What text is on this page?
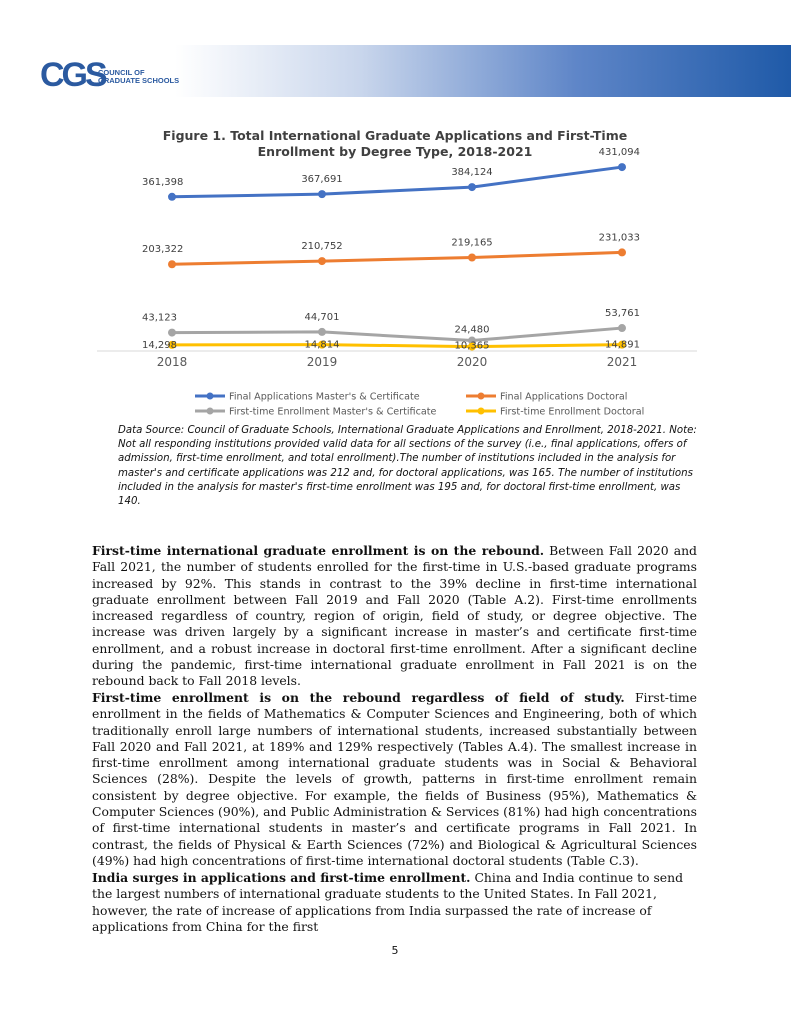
CGS
COUNCIL OF
GRADUATE SCHOOLS
Figure 1. Total International Graduate Applications and First-Time
Enrollment by Degree Type, 2018-2021
2018	2019	2020	2021
361,398	367,691
384,124
431,094
203,322	210,752	219,165	231,033
43,123	44,701
24,480
53,761
14,298	14,814	10,365	14,891
Final Applications Master's & Certificate	Final Applications Doctoral
First-time Enrollment Master's & Certificate	First-time Enrollment Doctoral
Data Source: Council of Graduate Schools, International Graduate Applications and Enrollment, 2018-2021. Note: Not all responding institutions provided valid data for all sections of the survey (i.e., final applications, offers of admission, first-time enrollment, and total enrollment).The number of institutions included in the analysis for master's and certificate applications was 212 and, for doctoral applications, was 165. The number of institutions included in the analysis for master's first-time enrollment was 195 and, for doctoral first-time enrollment, was 140.
First-time international graduate enrollment is on the rebound. Between Fall 2020 and Fall 2021, the number of students enrolled for the first-time in U.S.-based graduate programs increased by 92%. This stands in contrast to the 39% decline in first-time international graduate enrollment between Fall 2019 and Fall 2020 (Table A.2). First-time enrollments increased regardless of country, region of origin, field of study, or degree objective. The increase was driven largely by a significant increase in master’s and certificate first-time enrollment, and a robust increase in doctoral first-time enrollment. After a significant decline during the pandemic, first-time international graduate enrollment in Fall 2021 is on the rebound back to Fall 2018 levels.
First-time enrollment is on the rebound regardless of field of study. First-time enrollment in the fields of Mathematics & Computer Sciences and Engineering, both of which traditionally enroll large numbers of international students, increased substantially between Fall 2020 and Fall 2021, at 189% and 129% respectively (Tables A.4). The smallest increase in first-time enrollment among international graduate students was in Social & Behavioral Sciences (28%). Despite the levels of growth, patterns in first-time enrollment remain consistent by degree objective. For example, the fields of Business (95%), Mathematics & Computer Sciences (90%), and Public Administration & Services (81%) had high concentrations of first-time international students in master’s and certificate programs in Fall 2021. In contrast, the fields of Physical & Earth Sciences (72%) and Biological & Agricultural Sciences (49%) had high concentrations of first-time international doctoral students (Table C.3).
India surges in applications and first-time enrollment. China and India continue to send the largest numbers of international graduate students to the United States. In Fall 2021, however, the rate of increase of applications from India surpassed the rate of increase of applications from China for the first
5
